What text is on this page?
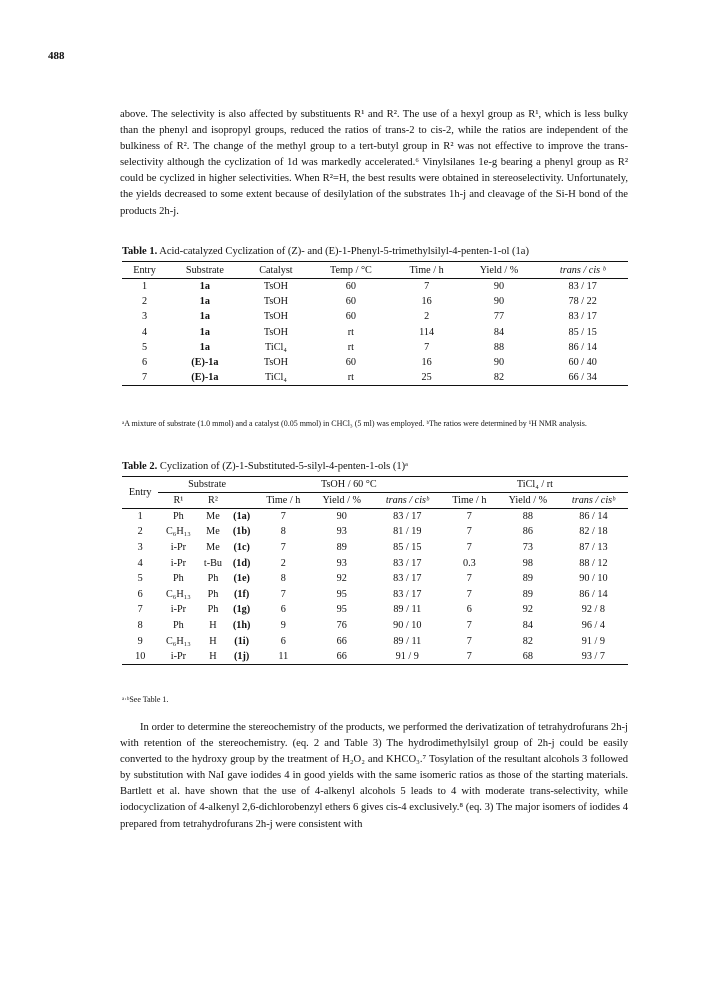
488

above. The selectivity is also affected by substituents R¹ and R². The use of a hexyl group as R¹, which is less bulky than the phenyl and isopropyl groups, reduced the ratios of trans-2 to cis-2, while the ratios are independent of the bulkiness of R². The change of the methyl group to a tert-butyl group in R² was not effective to improve the trans-selectivity although the cyclization of 1d was markedly accelerated.⁶ Vinylsilanes 1e-g bearing a phenyl group as R² could be cyclized in higher selectivities. When R²=H, the best results were obtained in stereoselectivity. Unfortunately, the yields decreased to some extent because of desilylation of the substrates 1h-j and cleavage of the Si-H bond of the products 2h-j.

Table 1. Acid-catalyzed Cyclization of (Z)- and (E)-1-Phenyl-5-trimethylsilyl-4-penten-1-ol (1a)
Entry	Substrate	Catalyst	Temp / °C	Time / h	Yield / %	trans / cis ᵇ
1	1a	TsOH	60	7	90	83 / 17
2	1a	TsOH	60	16	90	78 / 22
3	1a	TsOH	60	2	77	83 / 17
4	1a	TsOH	rt	114	84	85 / 15
5	1a	TiCl₄	rt	7	88	86 / 14
6	(E)-1a	TsOH	60	16	90	60 / 40
7	(E)-1a	TiCl₄	rt	25	82	66 / 34
ᵃA mixture of substrate (1.0 mmol) and a catalyst (0.05 mmol) in CHCl₃ (5 ml) was employed. ᵇThe ratios were determined by ¹H NMR analysis.
Table 2. Cyclization of (Z)-1-Substituted-5-silyl-4-penten-1-ols (1)ᵃ
Entry	Substrate			TsOH / 60 °C			TiCl₄ / rt		
	R¹	R²		Time / h	Yield / %	trans / cisᵇ	Time / h	Yield / %	trans / cisᵇ
1	Ph	Me	(1a)	7	90	83 / 17	7	88	86 / 14
2	C₆H₁₃	Me	(1b)	8	93	81 / 19	7	86	82 / 18
3	i-Pr	Me	(1c)	7	89	85 / 15	7	73	87 / 13
4	i-Pr	t-Bu	(1d)	2	93	83 / 17	0.3	98	88 / 12
5	Ph	Ph	(1e)	8	92	83 / 17	7	89	90 / 10
6	C₆H₁₃	Ph	(1f)	7	95	83 / 17	7	89	86 / 14
7	i-Pr	Ph	(1g)	6	95	89 / 11	6	92	92 / 8
8	Ph	H	(1h)	9	76	90 / 10	7	84	96 / 4
9	C₆H₁₃	H	(1i)	6	66	89 / 11	7	82	91 / 9
10	i-Pr	H	(1j)	11	66	91 / 9	7	68	93 / 7
ᵃ·ᵇSee Table 1.

In order to determine the stereochemistry of the products, we performed the derivatization of tetrahydrofurans 2h-j with retention of the stereochemistry. (eq. 2 and Table 3) The hydrodimethylsilyl group of 2h-j could be easily converted to the hydroxy group by the treatment of H₂O₂ and KHCO₃.⁷ Tosylation of the resultant alcohols 3 followed by substitution with NaI gave iodides 4 in good yields with the same isomeric ratios as those of the starting materials. Bartlett et al. have shown that the use of 4-alkenyl alcohols 5 leads to 4 with moderate trans-selectivity, while iodocyclization of 4-alkenyl 2,6-dichlorobenzyl ethers 6 gives cis-4 exclusively.⁸ (eq. 3) The major isomers of iodides 4 prepared from tetrahydrofurans 2h-j were consistent with
